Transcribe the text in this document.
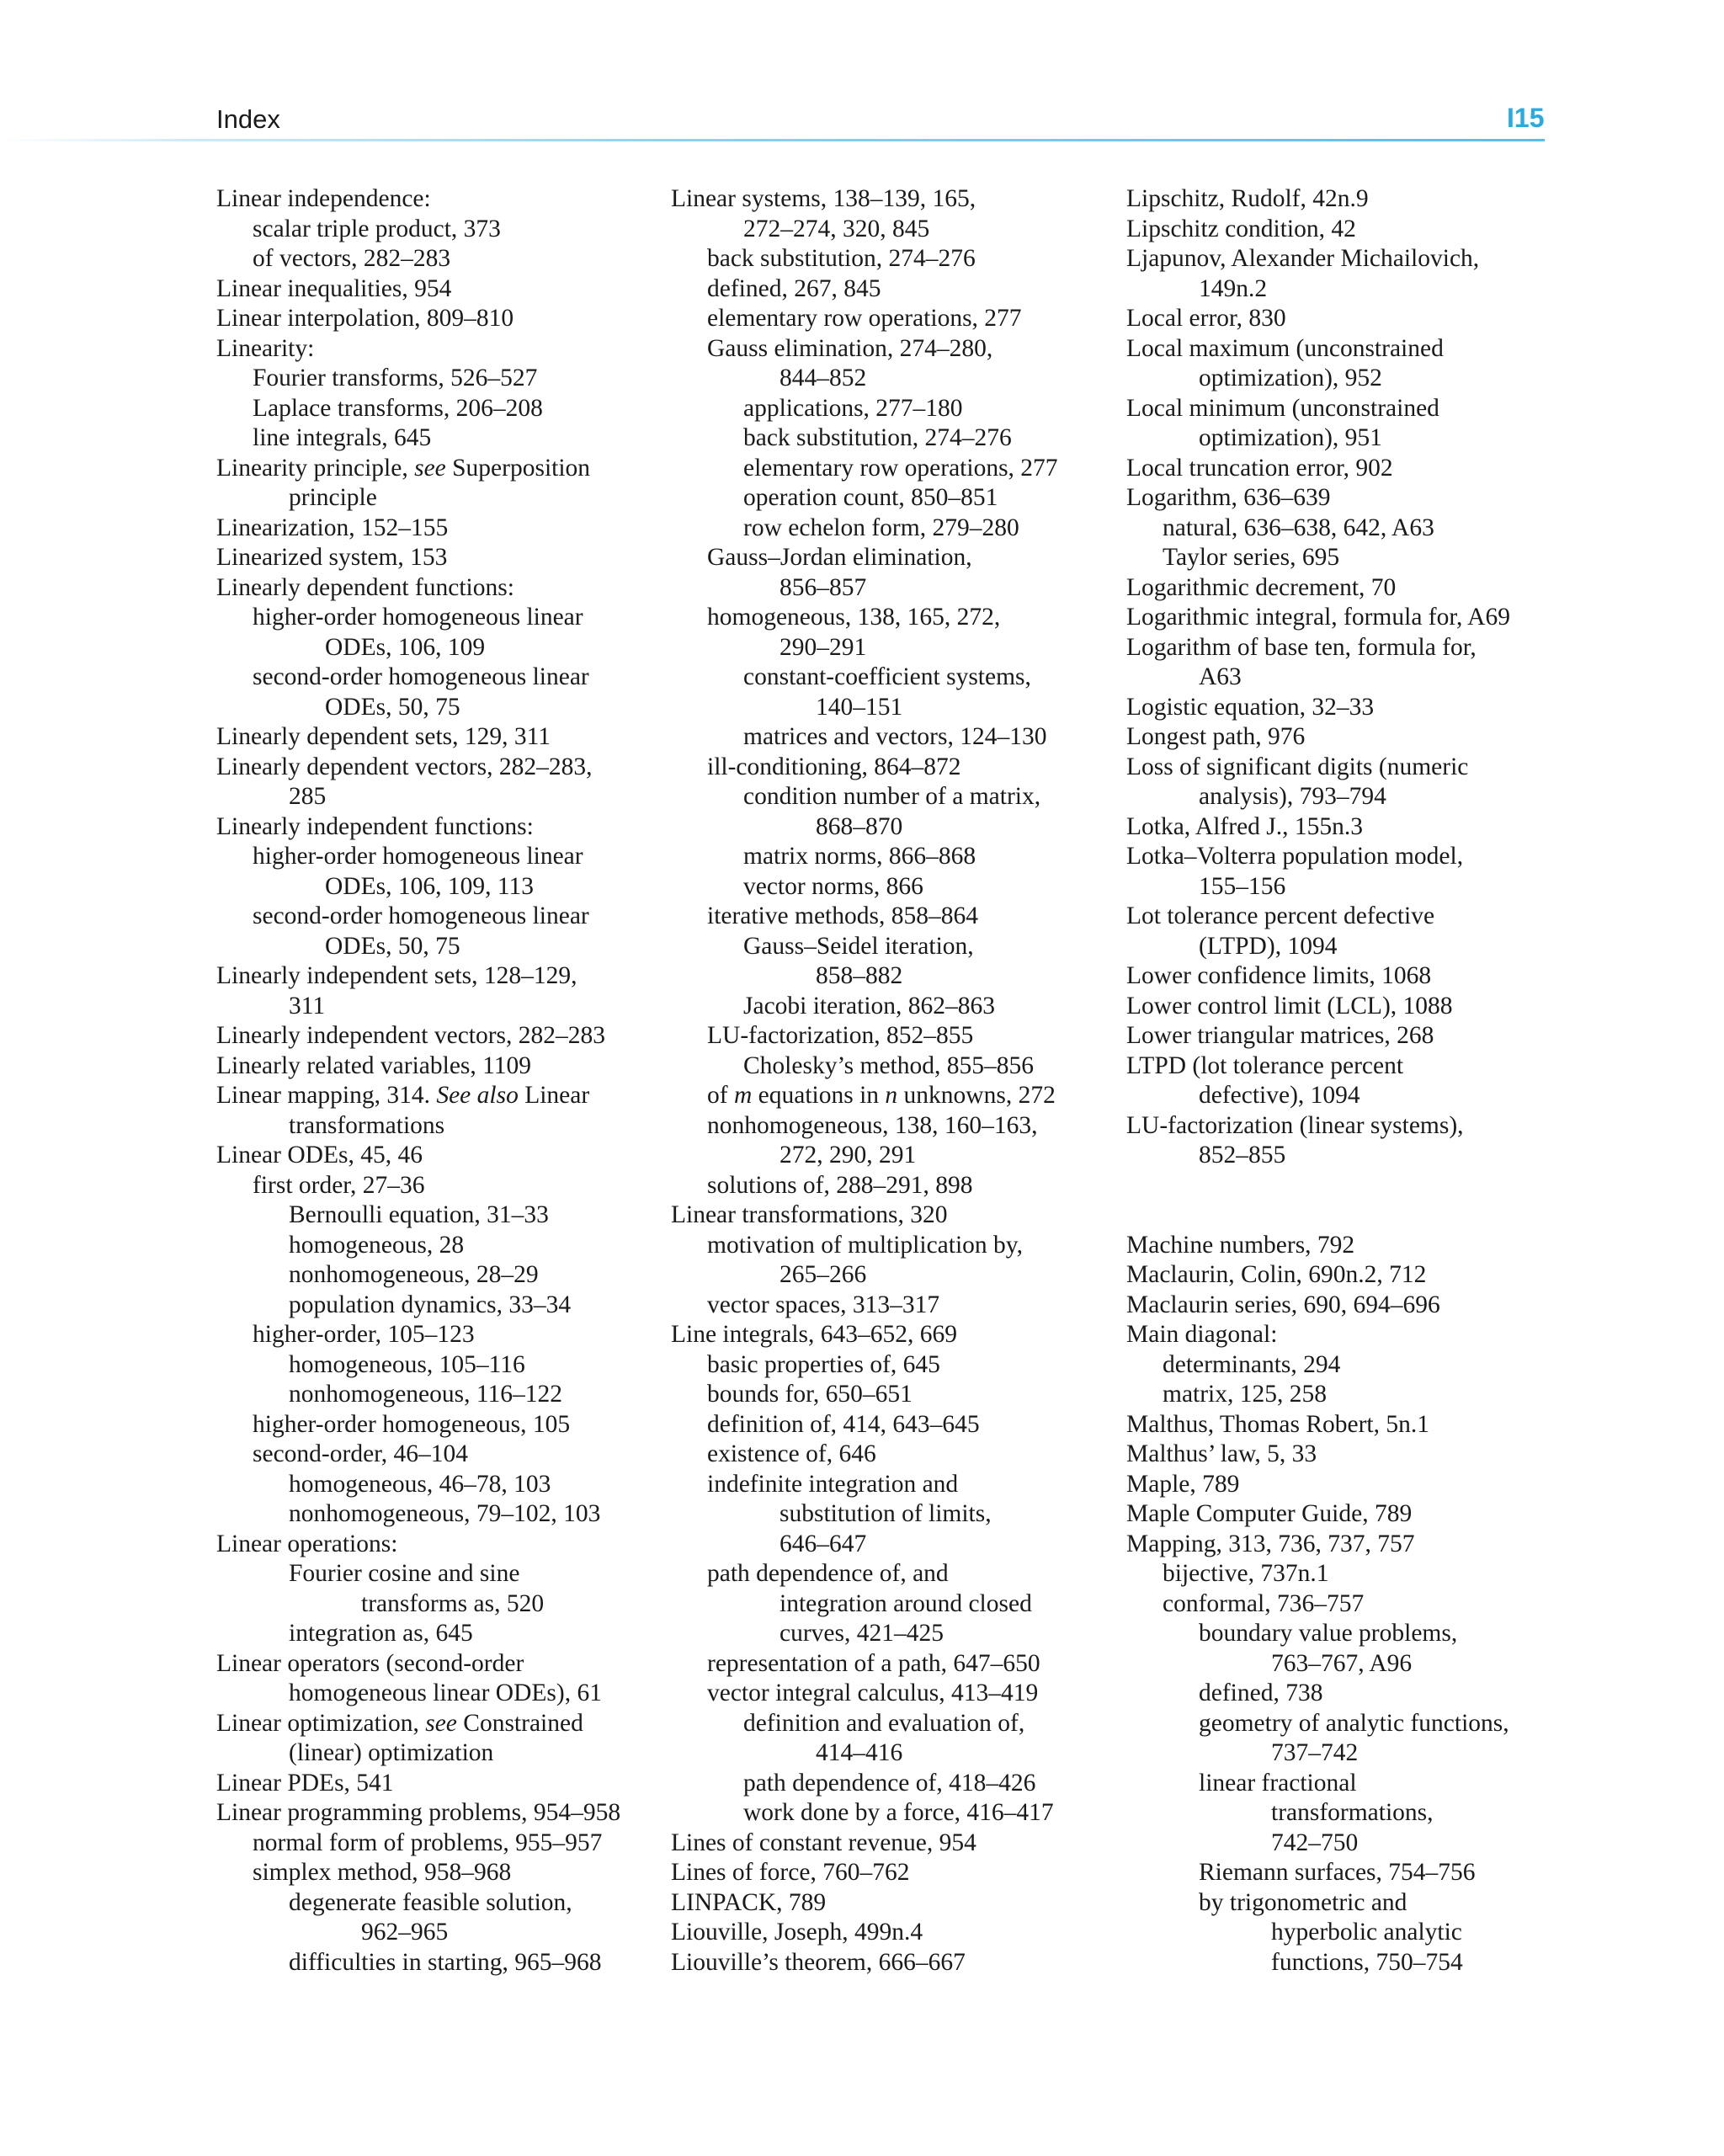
Index	I15
Linear independence:
scalar triple product, 373
of vectors, 282–283
Linear inequalities, 954
Linear interpolation, 809–810
Linearity:
Fourier transforms, 526–527
Laplace transforms, 206–208
line integrals, 645
Linearity principle, see Superposition
principle
Linearization, 152–155
Linearized system, 153
Linearly dependent functions:
higher-order homogeneous linear
ODEs, 106, 109
second-order homogeneous linear
ODEs, 50, 75
Linearly dependent sets, 129, 311
Linearly dependent vectors, 282–283,
285
Linearly independent functions:
higher-order homogeneous linear
ODEs, 106, 109, 113
second-order homogeneous linear
ODEs, 50, 75
Linearly independent sets, 128–129,
311
Linearly independent vectors, 282–283
Linearly related variables, 1109
Linear mapping, 314. See also Linear
transformations
Linear ODEs, 45, 46
first order, 27–36
Bernoulli equation, 31–33
homogeneous, 28
nonhomogeneous, 28–29
population dynamics, 33–34
higher-order, 105–123
homogeneous, 105–116
nonhomogeneous, 116–122
higher-order homogeneous, 105
second-order, 46–104
homogeneous, 46–78, 103
nonhomogeneous, 79–102, 103
Linear operations:
Fourier cosine and sine
transforms as, 520
integration as, 645
Linear operators (second-order
homogeneous linear ODEs), 61
Linear optimization, see Constrained
(linear) optimization
Linear PDEs, 541
Linear programming problems, 954–958
normal form of problems, 955–957
simplex method, 958–968
degenerate feasible solution,
962–965
difficulties in starting, 965–968
Linear systems, 138–139, 165,
272–274, 320, 845
back substitution, 274–276
defined, 267, 845
elementary row operations, 277
Gauss elimination, 274–280,
844–852
applications, 277–180
back substitution, 274–276
elementary row operations, 277
operation count, 850–851
row echelon form, 279–280
Gauss–Jordan elimination,
856–857
homogeneous, 138, 165, 272,
290–291
constant-coefficient systems,
140–151
matrices and vectors, 124–130
ill-conditioning, 864–872
condition number of a matrix,
868–870
matrix norms, 866–868
vector norms, 866
iterative methods, 858–864
Gauss–Seidel iteration,
858–882
Jacobi iteration, 862–863
LU-factorization, 852–855
Cholesky’s method, 855–856
of m equations in n unknowns, 272
nonhomogeneous, 138, 160–163,
272, 290, 291
solutions of, 288–291, 898
Linear transformations, 320
motivation of multiplication by,
265–266
vector spaces, 313–317
Line integrals, 643–652, 669
basic properties of, 645
bounds for, 650–651
definition of, 414, 643–645
existence of, 646
indefinite integration and
substitution of limits,
646–647
path dependence of, and
integration around closed
curves, 421–425
representation of a path, 647–650
vector integral calculus, 413–419
definition and evaluation of,
414–416
path dependence of, 418–426
work done by a force, 416–417
Lines of constant revenue, 954
Lines of force, 760–762
LINPACK, 789
Liouville, Joseph, 499n.4
Liouville’s theorem, 666–667
Lipschitz, Rudolf, 42n.9
Lipschitz condition, 42
Ljapunov, Alexander Michailovich,
149n.2
Local error, 830
Local maximum (unconstrained
optimization), 952
Local minimum (unconstrained
optimization), 951
Local truncation error, 902
Logarithm, 636–639
natural, 636–638, 642, A63
Taylor series, 695
Logarithmic decrement, 70
Logarithmic integral, formula for, A69
Logarithm of base ten, formula for,
A63
Logistic equation, 32–33
Longest path, 976
Loss of significant digits (numeric
analysis), 793–794
Lotka, Alfred J., 155n.3
Lotka–Volterra population model,
155–156
Lot tolerance percent defective
(LTPD), 1094
Lower confidence limits, 1068
Lower control limit (LCL), 1088
Lower triangular matrices, 268
LTPD (lot tolerance percent
defective), 1094
LU-factorization (linear systems),
852–855
Machine numbers, 792
Maclaurin, Colin, 690n.2, 712
Maclaurin series, 690, 694–696
Main diagonal:
determinants, 294
matrix, 125, 258
Malthus, Thomas Robert, 5n.1
Malthus’ law, 5, 33
Maple, 789
Maple Computer Guide, 789
Mapping, 313, 736, 737, 757
bijective, 737n.1
conformal, 736–757
boundary value problems,
763–767, A96
defined, 738
geometry of analytic functions,
737–742
linear fractional
transformations,
742–750
Riemann surfaces, 754–756
by trigonometric and
hyperbolic analytic
functions, 750–754
